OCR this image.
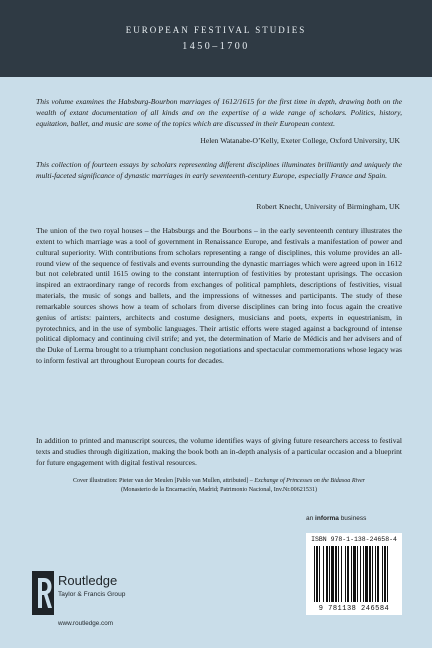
EUROPEAN FESTIVAL STUDIES
1450–1700
This volume examines the Habsburg-Bourbon marriages of 1612/1615 for the first time in depth, drawing both on the wealth of extant documentation of all kinds and on the expertise of a wide range of scholars. Politics, history, equitation, ballet, and music are some of the topics which are discussed in their European context.
Helen Watanabe-O’Kelly, Exeter College, Oxford University, UK
This collection of fourteen essays by scholars representing different disciplines illuminates brilliantly and uniquely the multi-faceted significance of dynastic marriages in early seventeenth-century Europe, especially France and Spain.
Robert Knecht, University of Birmingham, UK
The union of the two royal houses – the Habsburgs and the Bourbons – in the early seventeenth century illustrates the extent to which marriage was a tool of government in Renaissance Europe, and festivals a manifestation of power and cultural superiority. With contributions from scholars representing a range of disciplines, this volume provides an all-round view of the sequence of festivals and events surrounding the dynastic marriages which were agreed upon in 1612 but not celebrated until 1615 owing to the constant interruption of festivities by protestant uprisings. The occasion inspired an extraordinary range of records from exchanges of political pamphlets, descriptions of festivities, visual materials, the music of songs and ballets, and the impressions of witnesses and participants. The study of these remarkable sources shows how a team of scholars from diverse disciplines can bring into focus again the creative genius of artists: painters, architects and costume designers, musicians and poets, experts in equestrianism, in pyrotechnics, and in the use of symbolic languages. Their artistic efforts were staged against a background of intense political diplomacy and continuing civil strife; and yet, the determination of Marie de Médicis and her advisers and of the Duke of Lerma brought to a triumphant conclusion negotiations and spectacular commemorations whose legacy was to inform festival art throughout European courts for decades.
In addition to printed and manuscript sources, the volume identifies ways of giving future researchers access to festival texts and studies through digitization, making the book both an in-depth analysis of a particular occasion and a blueprint for future engagement with digital festival resources.
Cover illustration: Pieter van der Meulen [Pablo van Mullen, attributed] – Exchange of Princesses on the Bidasoa River
(Monasterio de la Encarnación, Madrid; Patrimonio Nacional, Inv.Nr.00621531)
an informa business
ISBN 978-1-138-24658-4
9 781138 246584
Routledge
Taylor & Francis Group
www.routledge.com
